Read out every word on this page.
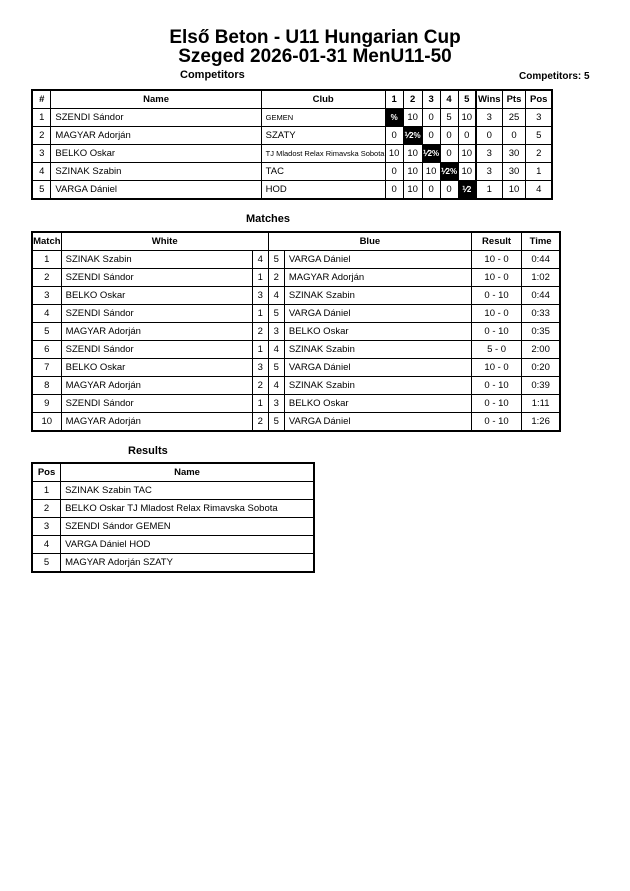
Első Beton - U11 Hungarian Cup
Szeged 2026-01-31 MenU11-50
Competitors	Competitors: 5
#	Name	Club	1	2	3	4	5	Wins	Pts	Pos
1	SZENDI Sándor	GEMEN	%	10	0	5	10	3	25	3
2	MAGYAR Adorján	SZATY	0	⅟2%	0	0	0	0	0	5
3	BELKO Oskar	TJ Mladost Relax Rimavska Sobota	10	10	⅟2%	0	10	3	30	2
4	SZINAK Szabin	TAC	0	10	10	⅟2%	10	3	30	1
5	VARGA Dániel	HOD	0	10	0	0	⅟2	1	10	4
Matches
Match	White		Blue		Result	Time
1	SZINAK Szabin	4	5	VARGA Dániel	10 - 0	0:44
2	SZENDI Sándor	1	2	MAGYAR Adorján	10 - 0	1:02
3	BELKO Oskar	3	4	SZINAK Szabin	0 - 10	0:44
4	SZENDI Sándor	1	5	VARGA Dániel	10 - 0	0:33
5	MAGYAR Adorján	2	3	BELKO Oskar	0 - 10	0:35
6	SZENDI Sándor	1	4	SZINAK Szabin	5 - 0	2:00
7	BELKO Oskar	3	5	VARGA Dániel	10 - 0	0:20
8	MAGYAR Adorján	2	4	SZINAK Szabin	0 - 10	0:39
9	SZENDI Sándor	1	3	BELKO Oskar	0 - 10	1:11
10	MAGYAR Adorján	2	5	VARGA Dániel	0 - 10	1:26
Results
Pos	Name
1	SZINAK Szabin TAC
2	BELKO Oskar TJ Mladost Relax Rimavska Sobota
3	SZENDI Sándor GEMEN
4	VARGA Dániel HOD
5	MAGYAR Adorján SZATY
